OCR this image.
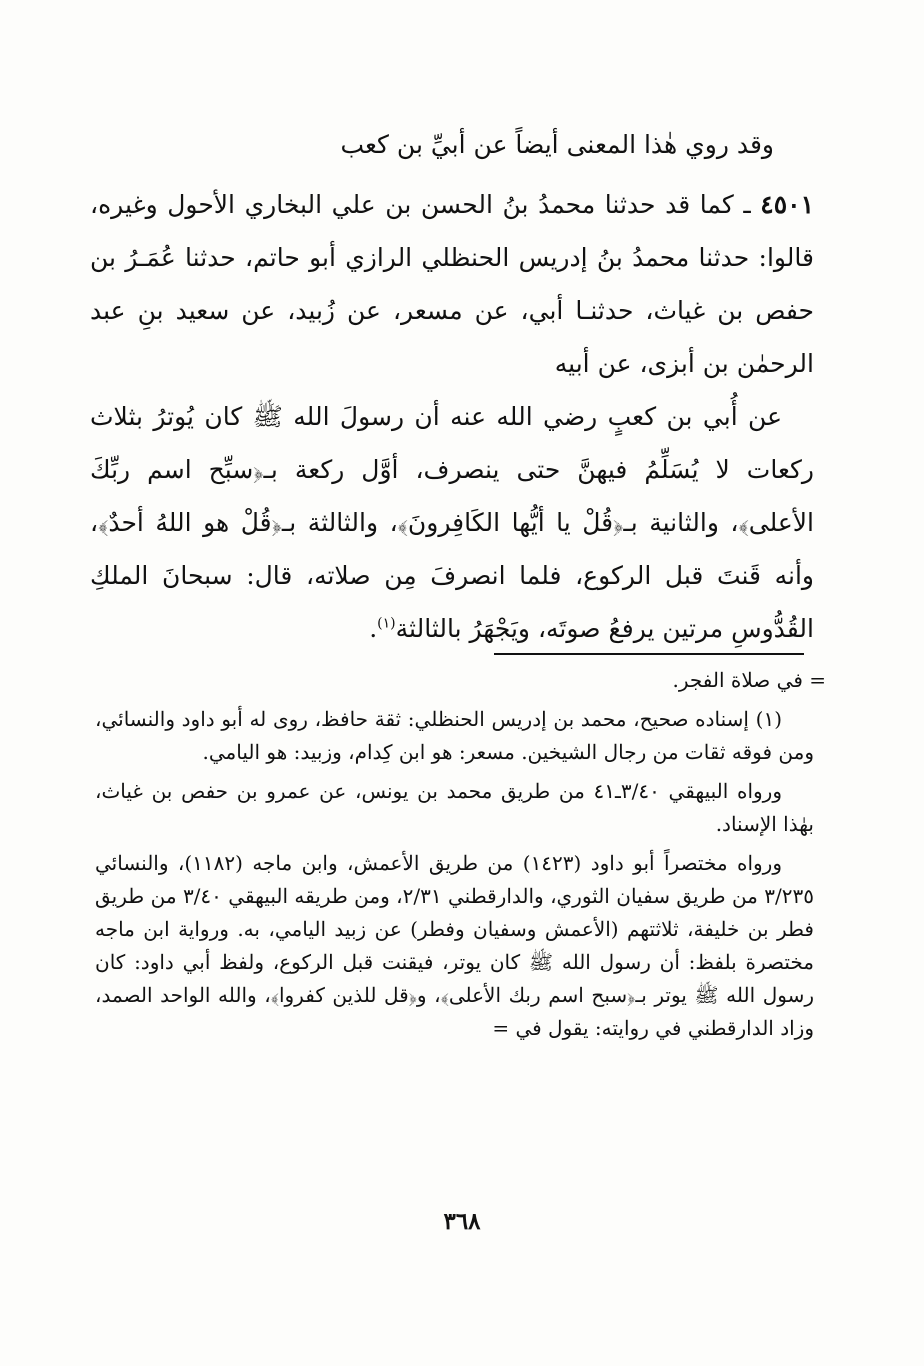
وقد روي هٰذا المعنى أيضاً عن أبيِّ بن كعب
٤٥٠١ ـ كما قد حدثنا محمدُ بنُ الحسن بن علي البخاري الأحول وغيره، قالوا: حدثنا محمدُ بنُ إدريس الحنظلي الرازي أبو حاتم، حدثنا عُمَـرُ بن حفص بن غياث، حدثنـا أبي، عن مسعر، عن زُبيد، عن سعيد بنِ عبد الرحمٰن بن أبزى، عن أبيه
عن أُبي بن كعبٍ رضي الله عنه أن رسولَ الله ﷺ كان يُوترُ بثلاث ركعات لا يُسَلِّمُ فيهنَّ حتى ينصرف، أوَّل ركعة بـ﴿سبِّح اسم ربِّكَ الأعلى﴾، والثانية بـ﴿قُلْ يا أيُّها الكَافِرونَ﴾، والثالثة بـ﴿قُلْ هو اللهُ أحدٌ﴾، وأنه قَنتَ قبل الركوع، فلما انصرفَ مِن صلاته، قال: سبحانَ الملكِ القُدُّوسِ مرتين يرفعُ صوتَه، ويَجْهَرُ بالثالثة$^{(١)}$.
= في صلاة الفجر.
(١) إسناده صحيح، محمد بن إدريس الحنظلي: ثقة حافظ، روى له أبو داود والنسائي، ومن فوقه ثقات من رجال الشيخين. مسعر: هو ابن كِدام، وزبيد: هو اليامي.
ورواه البيهقي ٣/٤٠ـ٤١ من طريق محمد بن يونس، عن عمرو بن حفص بن غياث، بهٰذا الإسناد.
ورواه مختصراً أبو داود (١٤٢٣) من طريق الأعمش، وابن ماجه (١١٨٢)، والنسائي ٣/٢٣٥ من طريق سفيان الثوري، والدارقطني ٢/٣١، ومن طريقه البيهقي ٣/٤٠ من طريق فطر بن خليفة، ثلاثتهم (الأعمش وسفيان وفطر) عن زبيد اليامي، به. ورواية ابن ماجه مختصرة بلفظ: أن رسول الله ﷺ كان يوتر، فيقنت قبل الركوع، ولفظ أبي داود: كان رسول الله ﷺ يوتر بـ﴿سبح اسم ربك الأعلى﴾، و﴿قل للذين كفروا﴾، والله الواحد الصمد، وزاد الدارقطني في روايته: يقول في =
٣٦٨
